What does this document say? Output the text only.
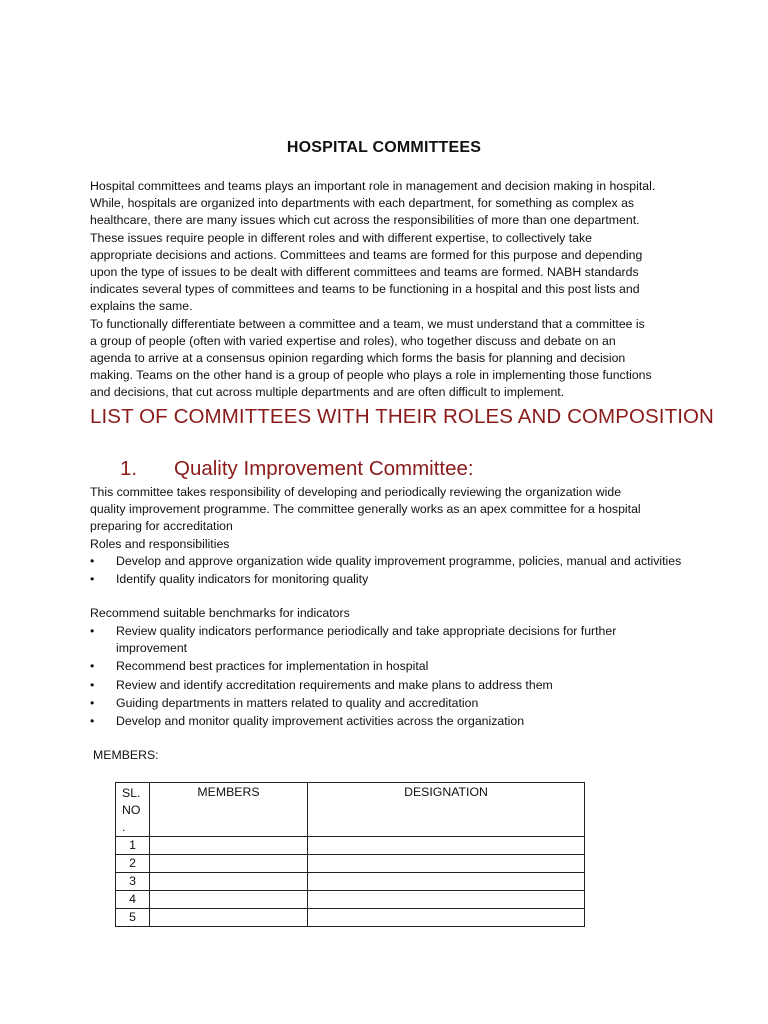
HOSPITAL COMMITTEES
Hospital committees and teams plays an important role in management and decision making in hospital.
While, hospitals are organized into departments with each department, for something as complex as
healthcare, there are many issues which cut across the responsibilities of more than one department.
These issues require people in different roles and with different expertise, to collectively take
appropriate decisions and actions. Committees and teams are formed for this purpose and depending
upon the type of issues to be dealt with different committees and teams are formed. NABH standards
indicates several types of committees and teams to be functioning in a hospital and this post lists and
explains the same.
To functionally differentiate between a committee and a team, we must understand that a committee is
a group of people (often with varied expertise and roles), who together discuss and debate on an
agenda to arrive at a consensus opinion regarding which forms the basis for planning and decision
making. Teams on the other hand is a group of people who plays a role in implementing those functions
and decisions, that cut across multiple departments and are often difficult to implement.
LIST OF COMMITTEES WITH THEIR ROLES AND COMPOSITION
1. Quality Improvement Committee:
This committee takes responsibility of developing and periodically reviewing the organization wide
quality improvement programme. The committee generally works as an apex committee for a hospital
preparing for accreditation
Roles and responsibilities
• Develop and approve organization wide quality improvement programme, policies, manual and activities
• Identify quality indicators for monitoring quality
Recommend suitable benchmarks for indicators
• Review quality indicators performance periodically and take appropriate decisions for further improvement
• Recommend best practices for implementation in hospital
• Review and identify accreditation requirements and make plans to address them
• Guiding departments in matters related to quality and accreditation
• Develop and monitor quality improvement activities across the organization
MEMBERS:
SL.
NO
.	MEMBERS	DESIGNATION
1		
2		
3		
4		
5		
